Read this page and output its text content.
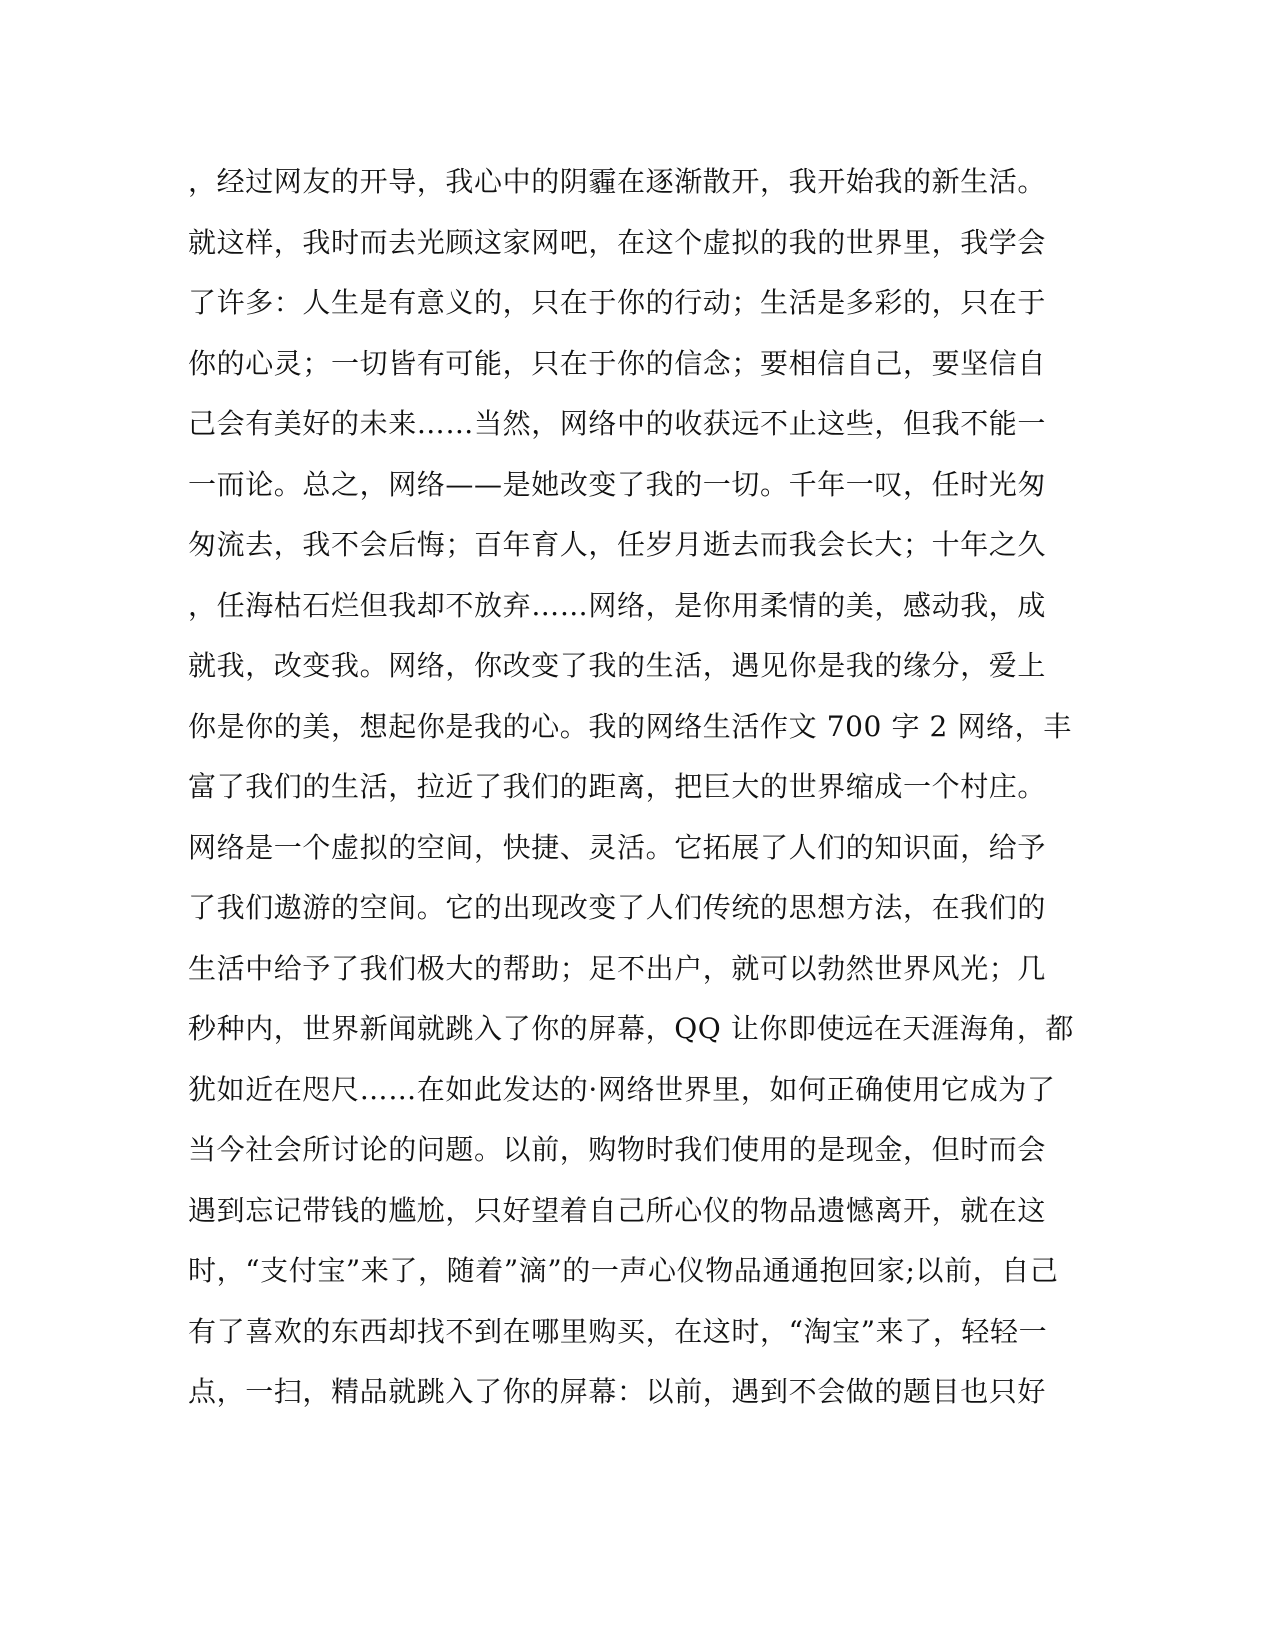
，经过网友的开导，我心中的阴霾在逐渐散开，我开始我的新生活。
就这样，我时而去光顾这家网吧，在这个虚拟的我的世界里，我学会
了许多：人生是有意义的，只在于你的行动；生活是多彩的，只在于
你的心灵；一切皆有可能，只在于你的信念；要相信自己，要坚信自
己会有美好的未来……当然，网络中的收获远不止这些，但我不能一
一而论。总之，网络——是她改变了我的一切。千年一叹，任时光匆
匆流去，我不会后悔；百年育人，任岁月逝去而我会长大；十年之久
，任海枯石烂但我却不放弃……网络，是你用柔情的美，感动我，成
就我，改变我。网络，你改变了我的生活，遇见你是我的缘分，爱上
你是你的美，想起你是我的心。我的网络生活作文 700 字 2 网络，丰
富了我们的生活，拉近了我们的距离，把巨大的世界缩成一个村庄。
网络是一个虚拟的空间，快捷、灵活。它拓展了人们的知识面，给予
了我们遨游的空间。它的出现改变了人们传统的思想方法，在我们的
生活中给予了我们极大的帮助；足不出户，就可以勃然世界风光；几
秒种内，世界新闻就跳入了你的屏幕，QQ 让你即使远在天涯海角，都
犹如近在咫尺……在如此发达的·网络世界里，如何正确使用它成为了
当今社会所讨论的问题。以前，购物时我们使用的是现金，但时而会
遇到忘记带钱的尴尬，只好望着自己所心仪的物品遗憾离开，就在这
时，“支付宝”来了，随着”滴”的一声心仪物品通通抱回家;以前，自己
有了喜欢的东西却找不到在哪里购买，在这时，“淘宝”来了，轻轻一
点，一扫，精品就跳入了你的屏幕：以前，遇到不会做的题目也只好
